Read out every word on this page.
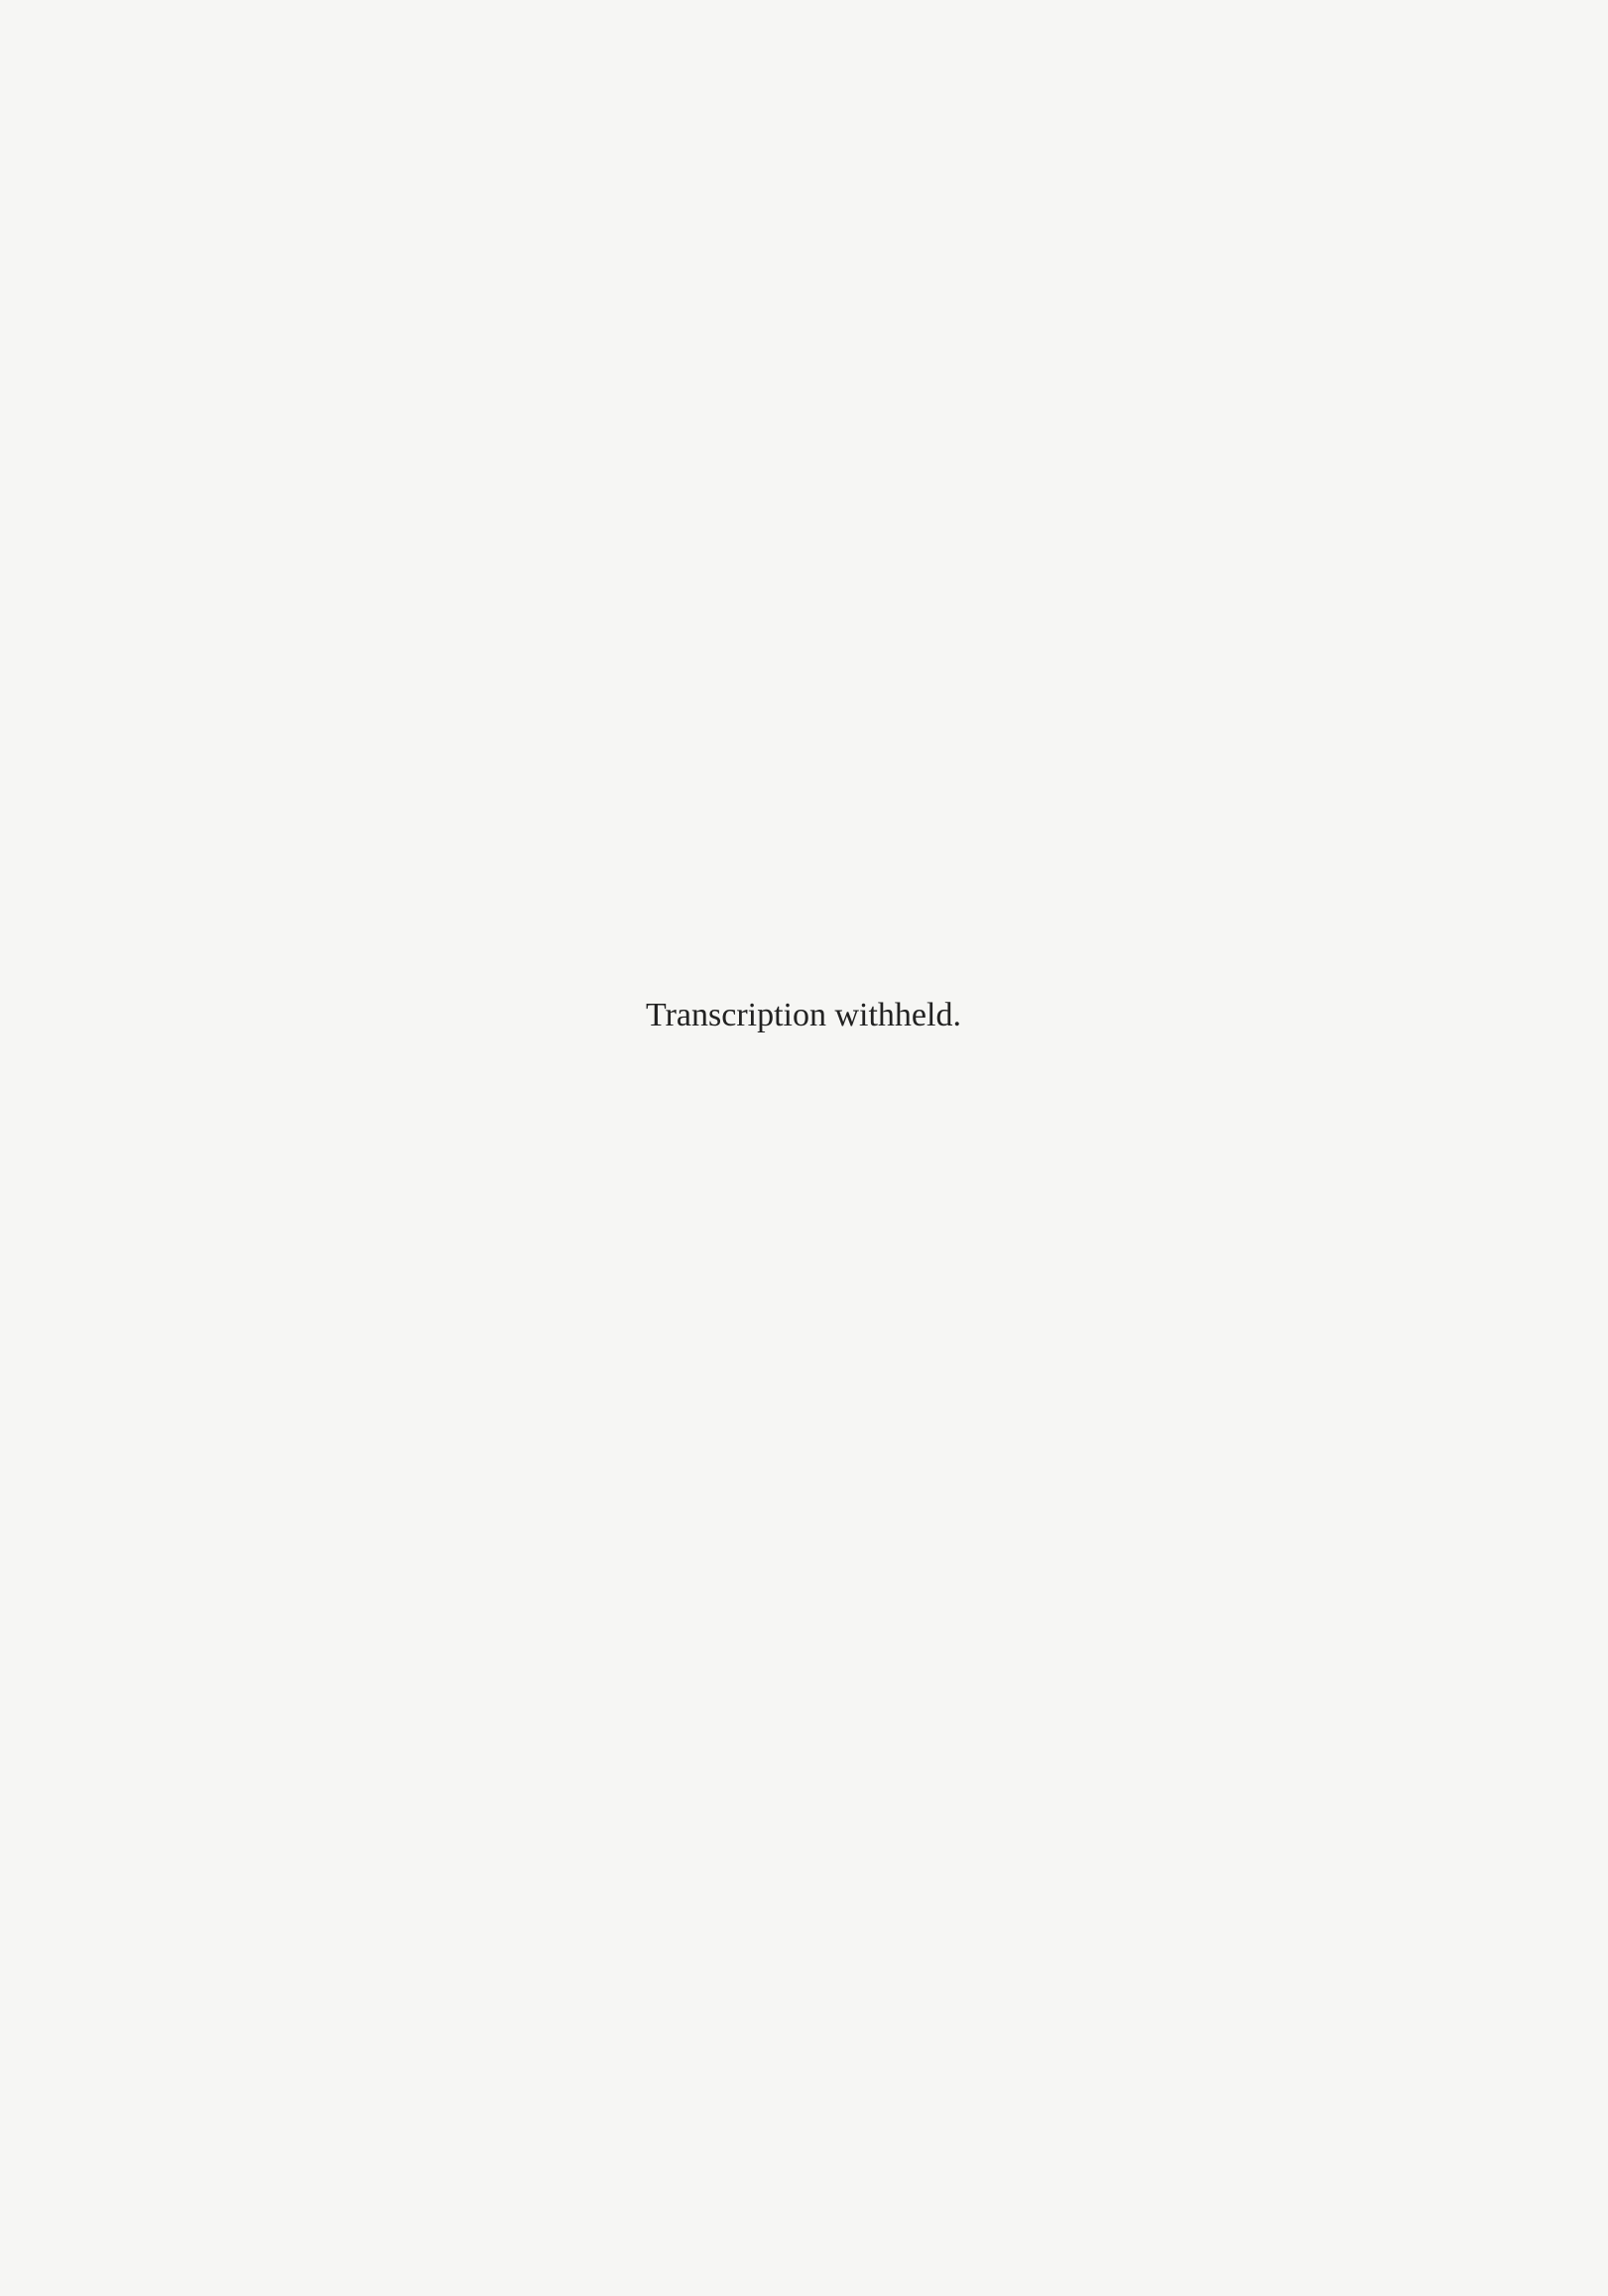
Transcription withheld.
